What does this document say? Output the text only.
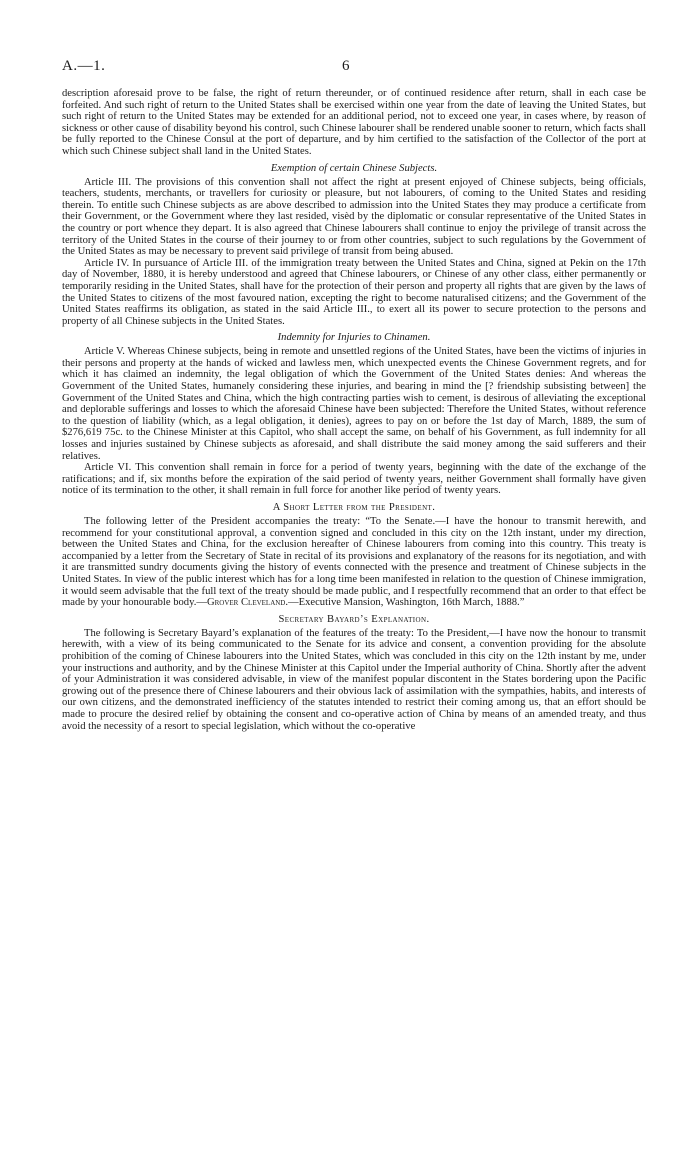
A.—1.	6

description aforesaid prove to be false, the right of return thereunder, or of continued residence after return, shall in each case be forfeited. And such right of return to the United States shall be exercised within one year from the date of leaving the United States, but such right of return to the United States may be extended for an additional period, not to exceed one year, in cases where, by reason of sickness or other cause of disability beyond his control, such Chinese labourer shall be rendered unable sooner to return, which facts shall be fully reported to the Chinese Consul at the port of departure, and by him certified to the satisfaction of the Collector of the port at which such Chinese subject shall land in the United States.

Exemption of certain Chinese Subjects.

Article III. The provisions of this convention shall not affect the right at present enjoyed of Chinese subjects, being officials, teachers, students, merchants, or travellers for curiosity or pleasure, but not labourers, of coming to the United States and residing therein. To entitle such Chinese subjects as are above described to admission into the United States they may produce a certificate from their Government, or the Government where they last resided, visèd by the diplomatic or consular representative of the United States in the country or port whence they depart. It is also agreed that Chinese labourers shall continue to enjoy the privilege of transit across the territory of the United States in the course of their journey to or from other countries, subject to such regulations by the Government of the United States as may be necessary to prevent said privilege of transit from being abused.

Article IV. In pursuance of Article III. of the immigration treaty between the United States and China, signed at Pekin on the 17th day of November, 1880, it is hereby understood and agreed that Chinese labourers, or Chinese of any other class, either permanently or temporarily residing in the United States, shall have for the protection of their person and property all rights that are given by the laws of the United States to citizens of the most favoured nation, excepting the right to become naturalised citizens; and the Government of the United States reaffirms its obligation, as stated in the said Article III., to exert all its power to secure protection to the persons and property of all Chinese subjects in the United States.

Indemnity for Injuries to Chinamen.

Article V. Whereas Chinese subjects, being in remote and unsettled regions of the United States, have been the victims of injuries in their persons and property at the hands of wicked and lawless men, which unexpected events the Chinese Government regrets, and for which it has claimed an indemnity, the legal obligation of which the Government of the United States denies: And whereas the Government of the United States, humanely considering these injuries, and bearing in mind the [? friendship subsisting between] the Government of the United States and China, which the high contracting parties wish to cement, is desirous of alleviating the exceptional and deplorable sufferings and losses to which the aforesaid Chinese have been subjected: Therefore the United States, without reference to the question of liability (which, as a legal obligation, it denies), agrees to pay on or before the 1st day of March, 1889, the sum of $276,619 75c. to the Chinese Minister at this Capitol, who shall accept the same, on behalf of his Government, as full indemnity for all losses and injuries sustained by Chinese subjects as aforesaid, and shall distribute the said money among the said sufferers and their relatives.

Article VI. This convention shall remain in force for a period of twenty years, beginning with the date of the exchange of the ratifications; and if, six months before the expiration of the said period of twenty years, neither Government shall formally have given notice of its termination to the other, it shall remain in full force for another like period of twenty years.

A Short Letter from the President.

The following letter of the President accompanies the treaty: “To the Senate.—I have the honour to transmit herewith, and recommend for your constitutional approval, a convention signed and concluded in this city on the 12th instant, under my direction, between the United States and China, for the exclusion hereafter of Chinese labourers from coming into this country. This treaty is accompanied by a letter from the Secretary of State in recital of its provisions and explanatory of the reasons for its negotiation, and with it are transmitted sundry documents giving the history of events connected with the presence and treatment of Chinese subjects in the United States. In view of the public interest which has for a long time been manifested in relation to the question of Chinese immigration, it would seem advisable that the full text of the treaty should be made public, and I respectfully recommend that an order to that effect be made by your honourable body.—Grover Cleveland.—Executive Mansion, Washington, 16th March, 1888.”

Secretary Bayard’s Explanation.

The following is Secretary Bayard’s explanation of the features of the treaty: To the President,—I have now the honour to transmit herewith, with a view of its being communicated to the Senate for its advice and consent, a convention providing for the absolute prohibition of the coming of Chinese labourers into the United States, which was concluded in this city on the 12th instant by me, under your instructions and authority, and by the Chinese Minister at this Capitol under the Imperial authority of China. Shortly after the advent of your Administration it was considered advisable, in view of the manifest popular discontent in the States bordering upon the Pacific growing out of the presence there of Chinese labourers and their obvious lack of assimilation with the sympathies, habits, and interests of our own citizens, and the demonstrated inefficiency of the statutes intended to restrict their coming among us, that an effort should be made to procure the desired relief by obtaining the consent and co-operative action of China by means of an amended treaty, and thus avoid the necessity of a resort to special legislation, which without the co-operative
